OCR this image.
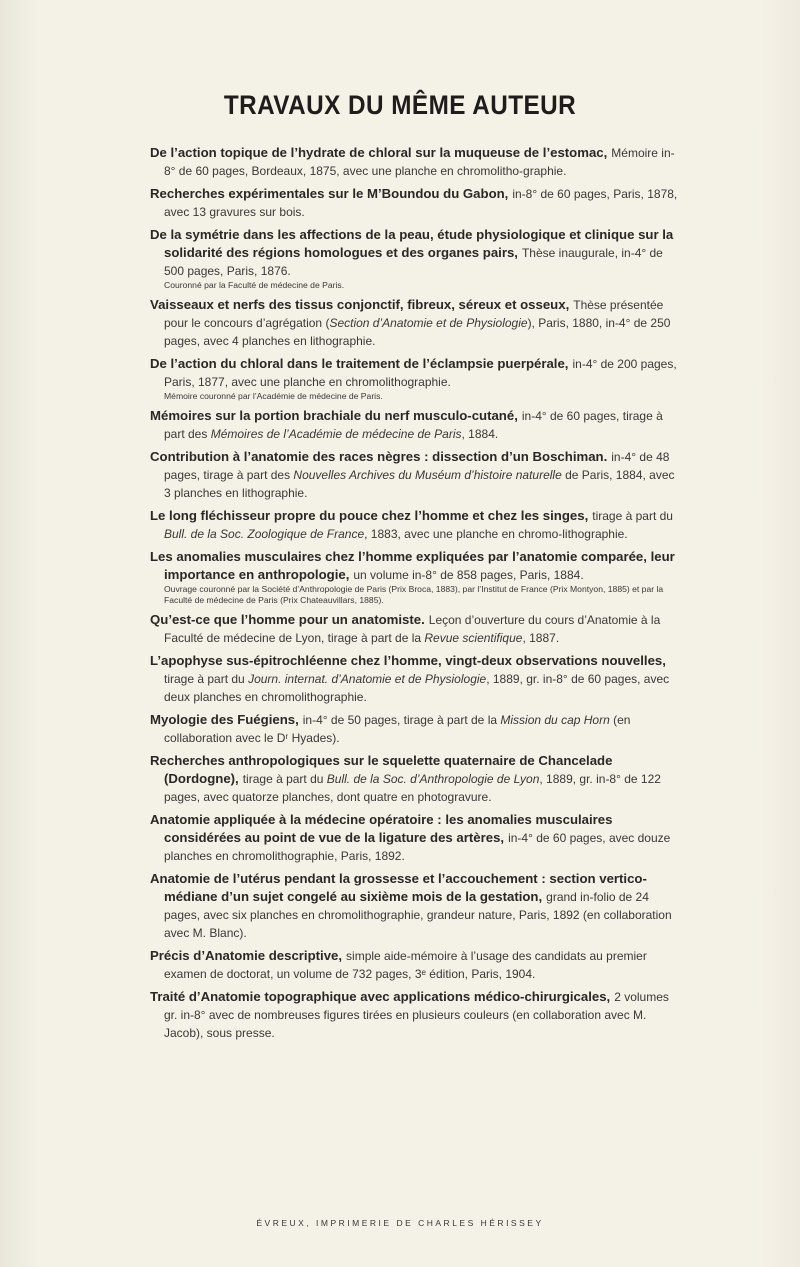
TRAVAUX DU MÊME AUTEUR

De l’action topique de l’hydrate de chloral sur la muqueuse de l’estomac, Mémoire in-8° de 60 pages, Bordeaux, 1875, avec une planche en chromolitho-graphie.

Recherches expérimentales sur le M’Boundou du Gabon, in-8° de 60 pages, Paris, 1878, avec 13 gravures sur bois.

De la symétrie dans les affections de la peau, étude physiologique et clinique sur la solidarité des régions homologues et des organes pairs, Thèse inaugurale, in-4° de 500 pages, Paris, 1876.

Couronné par la Faculté de médecine de Paris.

Vaisseaux et nerfs des tissus conjonctif, fibreux, séreux et osseux, Thèse présentée pour le concours d’agrégation (Section d’Anatomie et de Physiologie), Paris, 1880, in-4° de 250 pages, avec 4 planches en lithographie.

De l’action du chloral dans le traitement de l’éclampsie puerpérale, in-4° de 200 pages, Paris, 1877, avec une planche en chromolithographie.

Mémoire couronné par l’Académie de médecine de Paris.

Mémoires sur la portion brachiale du nerf musculo-cutané, in-4° de 60 pages, tirage à part des Mémoires de l’Académie de médecine de Paris, 1884.

Contribution à l’anatomie des races nègres : dissection d’un Boschiman. in-4° de 48 pages, tirage à part des Nouvelles Archives du Muséum d’histoire naturelle de Paris, 1884, avec 3 planches en lithographie.

Le long fléchisseur propre du pouce chez l’homme et chez les singes, tirage à part du Bull. de la Soc. Zoologique de France, 1883, avec une planche en chromo-lithographie.

Les anomalies musculaires chez l’homme expliquées par l’anatomie comparée, leur importance en anthropologie, un volume in-8° de 858 pages, Paris, 1884.

Ouvrage couronné par la Société d’Anthropologie de Paris (Prix Broca, 1883), par l’Institut de France (Prix Montyon, 1885) et par la Faculté de médecine de Paris (Prix Chateauvillars, 1885).

Qu’est-ce que l’homme pour un anatomiste. Leçon d’ouverture du cours d’Anatomie à la Faculté de médecine de Lyon, tirage à part de la Revue scientifique, 1887.

L’apophyse sus-épitrochléenne chez l’homme, vingt-deux observations nouvelles, tirage à part du Journ. internat. d’Anatomie et de Physiologie, 1889, gr. in-8° de 60 pages, avec deux planches en chromolithographie.

Myologie des Fuégiens, in-4° de 50 pages, tirage à part de la Mission du cap Horn (en collaboration avec le Dʳ Hyades).

Recherches anthropologiques sur le squelette quaternaire de Chancelade (Dordogne), tirage à part du Bull. de la Soc. d’Anthropologie de Lyon, 1889, gr. in-8° de 122 pages, avec quatorze planches, dont quatre en photogravure.

Anatomie appliquée à la médecine opératoire : les anomalies musculaires considérées au point de vue de la ligature des artères, in-4° de 60 pages, avec douze planches en chromolithographie, Paris, 1892.

Anatomie de l’utérus pendant la grossesse et l’accouchement : section vertico-médiane d’un sujet congelé au sixième mois de la gestation, grand in-folio de 24 pages, avec six planches en chromolithographie, grandeur nature, Paris, 1892 (en collaboration avec M. Blanc).

Précis d’Anatomie descriptive, simple aide-mémoire à l’usage des candidats au premier examen de doctorat, un volume de 732 pages, 3ᵉ édition, Paris, 1904.

Traité d’Anatomie topographique avec applications médico-chirurgicales, 2 volumes gr. in-8° avec de nombreuses figures tirées en plusieurs couleurs (en collaboration avec M. Jacob), sous presse.

ÉVREUX, IMPRIMERIE DE CHARLES HÉRISSEY
